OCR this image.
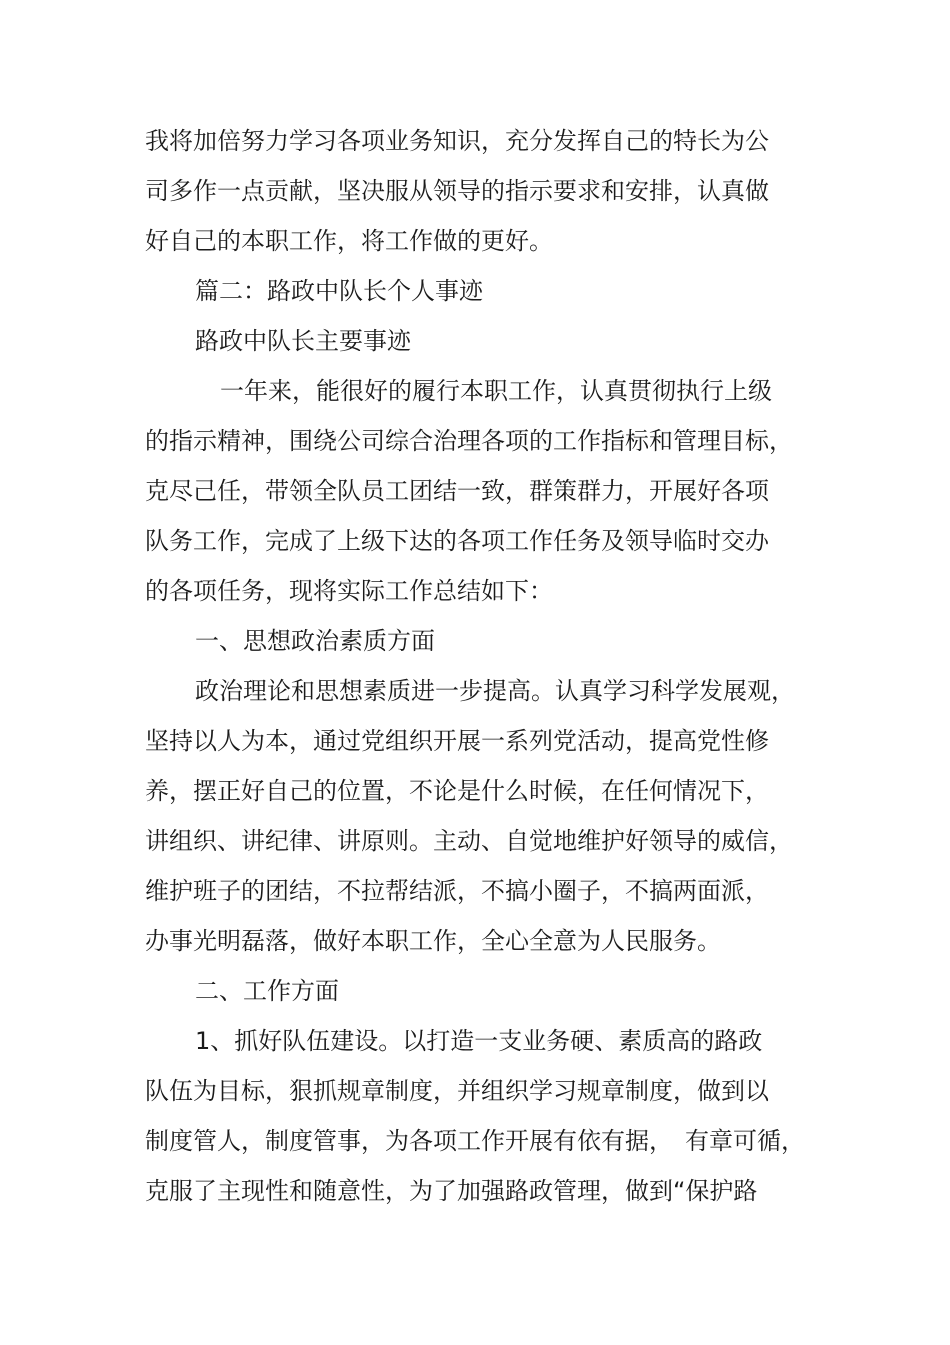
我将加倍努力学习各项业务知识，充分发挥自己的特长为公
司多作一点贡献，坚决服从领导的指示要求和安排，认真做
好自己的本职工作，将工作做的更好。
篇二：路政中队长个人事迹
路政中队长主要事迹
一年来，能很好的履行本职工作，认真贯彻执行上级
的指示精神，围绕公司综合治理各项的工作指标和管理目标，
克尽己任，带领全队员工团结一致，群策群力，开展好各项
队务工作，完成了上级下达的各项工作任务及领导临时交办
的各项任务，现将实际工作总结如下：
一、思想政治素质方面
政治理论和思想素质进一步提高。认真学习科学发展观，
坚持以人为本，通过党组织开展一系列党活动，提高党性修
养，摆正好自己的位置，不论是什么时候，在任何情况下，
讲组织、讲纪律、讲原则。主动、自觉地维护好领导的威信，
维护班子的团结，不拉帮结派，不搞小圈子，不搞两面派，
办事光明磊落，做好本职工作，全心全意为人民服务。
二、工作方面
1、抓好队伍建设。以打造一支业务硬、素质高的路政
队伍为目标，狠抓规章制度，并组织学习规章制度，做到以
制度管人，制度管事，为各项工作开展有依有据，　有章可循，
克服了主现性和随意性，为了加强路政管理，做到“保护路
